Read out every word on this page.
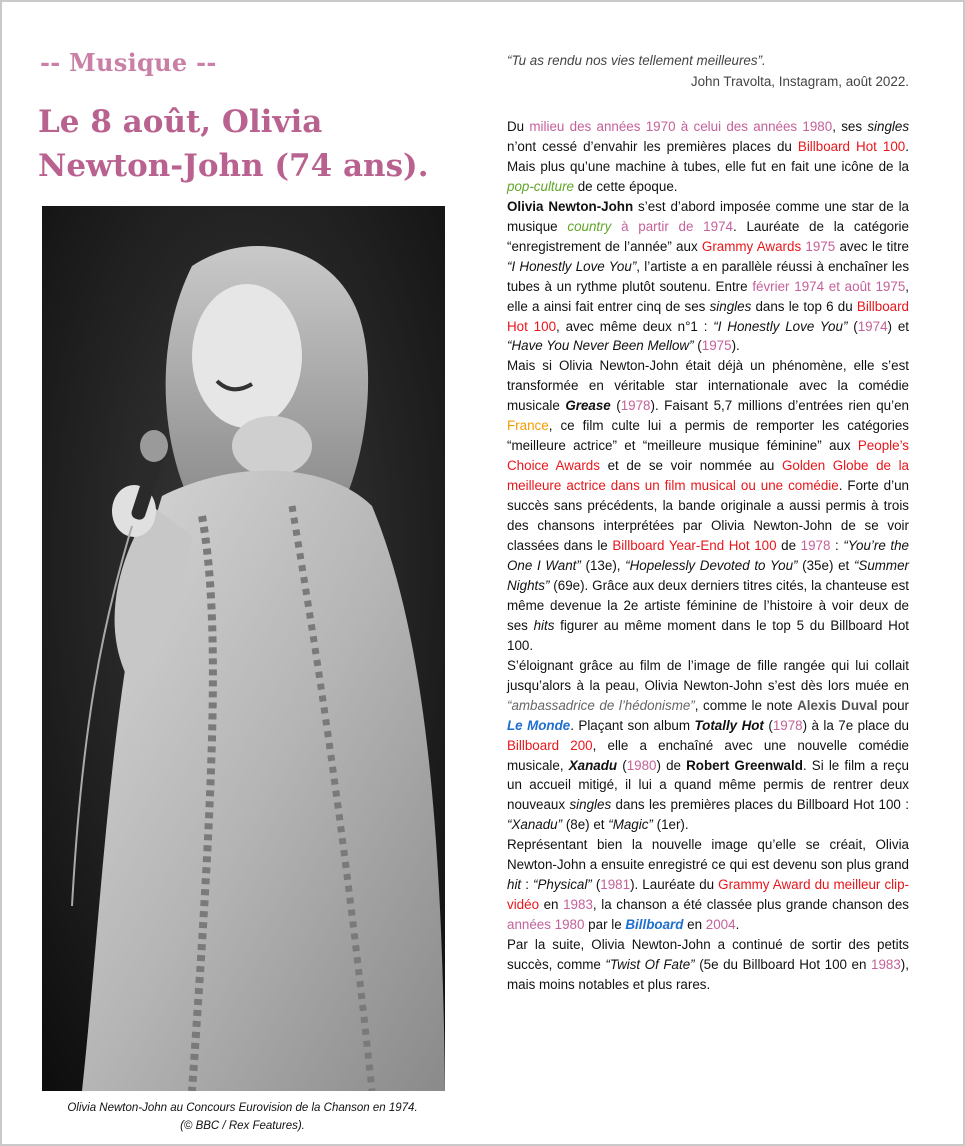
-- Musique --
Le 8 août, Olivia Newton-John (74 ans).
Olivia Newton-John au Concours Eurovision de la Chanson en 1974.
(© BBC / Rex Features).
“Tu as rendu nos vies tellement meilleures”.
John Travolta, Instagram, août 2022.

Du milieu des années 1970 à celui des années 1980, ses singles n’ont cessé d’envahir les premières places du Billboard Hot 100. Mais plus qu’une machine à tubes, elle fut en fait une icône de la pop-culture de cette époque.

Olivia Newton-John s’est d’abord imposée comme une star de la musique country à partir de 1974. Lauréate de la catégorie “enregistrement de l’année” aux Grammy Awards 1975 avec le titre “I Honestly Love You”, l’artiste a en parallèle réussi à enchaîner les tubes à un rythme plutôt soutenu. Entre février 1974 et août 1975, elle a ainsi fait entrer cinq de ses singles dans le top 6 du Billboard Hot 100, avec même deux n°1 : “I Honestly Love You” (1974) et “Have You Never Been Mellow” (1975).

Mais si Olivia Newton-John était déjà un phénomène, elle s’est transformée en véritable star internationale avec la comédie musicale Grease (1978). Faisant 5,7 millions d’entrées rien qu’en France, ce film culte lui a permis de remporter les catégories “meilleure actrice” et “meilleure musique féminine” aux People’s Choice Awards et de se voir nommée au Golden Globe de la meilleure actrice dans un film musical ou une comédie. Forte d’un succès sans précédents, la bande originale a aussi permis à trois des chansons interprétées par Olivia Newton-John de se voir classées dans le Billboard Year-End Hot 100 de 1978 : “You’re the One I Want” (13e), “Hopelessly Devoted to You” (35e) et “Summer Nights” (69e). Grâce aux deux derniers titres cités, la chanteuse est même devenue la 2e artiste féminine de l’histoire à voir deux de ses hits figurer au même moment dans le top 5 du Billboard Hot 100.

S’éloignant grâce au film de l’image de fille rangée qui lui collait jusqu’alors à la peau, Olivia Newton-John s’est dès lors muée en “ambassadrice de l’hédonisme”, comme le note Alexis Duval pour Le Monde. Plaçant son album Totally Hot (1978) à la 7e place du Billboard 200, elle a enchaîné avec une nouvelle comédie musicale, Xanadu (1980) de Robert Greenwald. Si le film a reçu un accueil mitigé, il lui a quand même permis de rentrer deux nouveaux singles dans les premières places du Billboard Hot 100 : “Xanadu” (8e) et “Magic” (1er).

Représentant bien la nouvelle image qu’elle se créait, Olivia Newton-John a ensuite enregistré ce qui est devenu son plus grand hit : “Physical” (1981). Lauréate du Grammy Award du meilleur clip-vidéo en 1983, la chanson a été classée plus grande chanson des années 1980 par le Billboard en 2004.

Par la suite, Olivia Newton-John a continué de sortir des petits succès, comme “Twist Of Fate” (5e du Billboard Hot 100 en 1983), mais moins notables et plus rares.
